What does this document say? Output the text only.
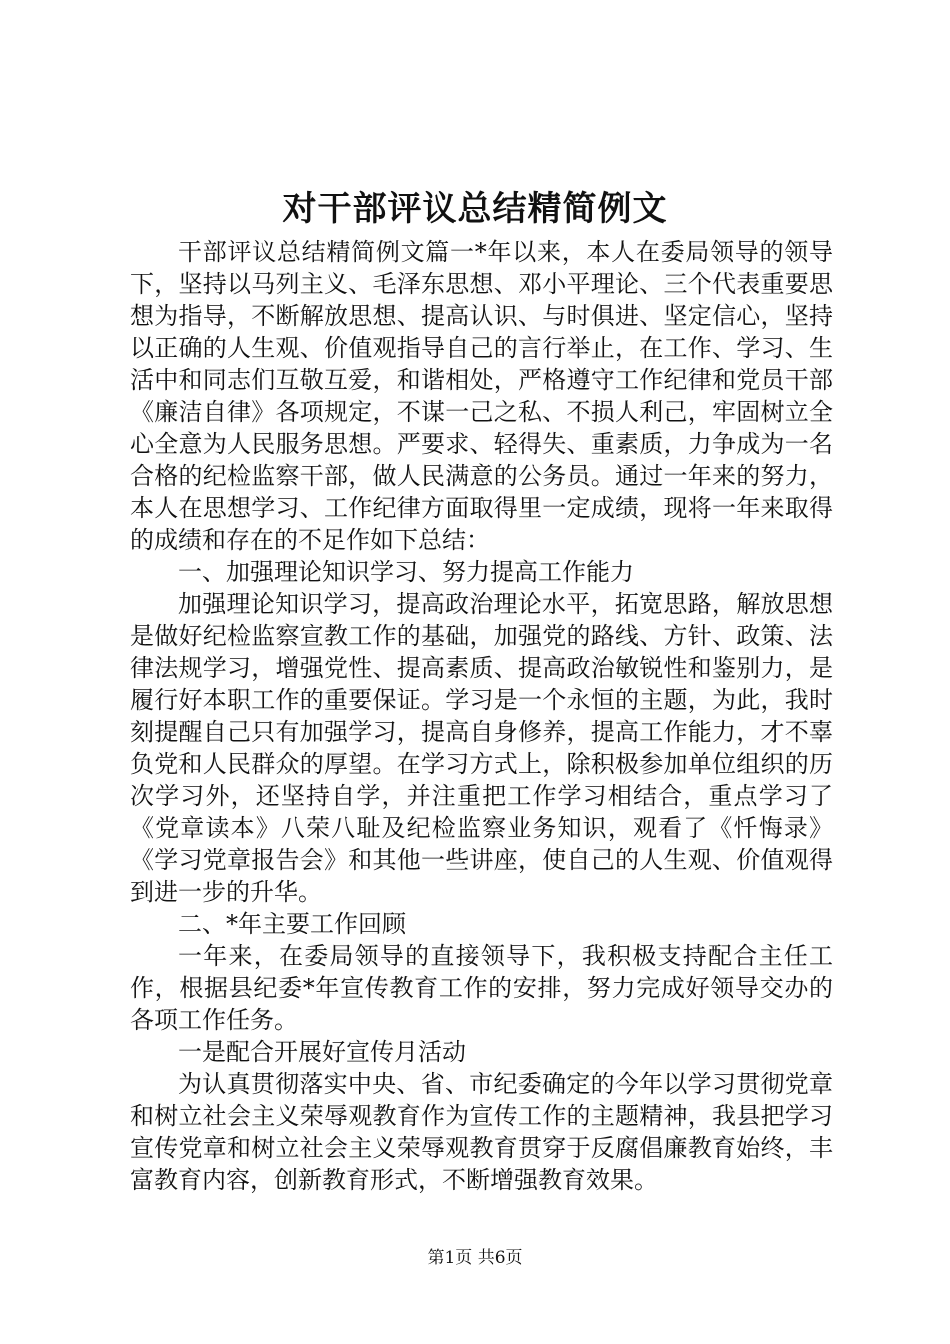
对干部评议总结精简例文

干部评议总结精简例文篇一*年以来，本人在委局领导的领导下，坚持以马列主义、毛泽东思想、邓小平理论、三个代表重要思想为指导，不断解放思想、提高认识、与时俱进、坚定信心，坚持以正确的人生观、价值观指导自己的言行举止，在工作、学习、生活中和同志们互敬互爱，和谐相处，严格遵守工作纪律和党员干部《廉洁自律》各项规定，不谋一己之私、不损人利己，牢固树立全心全意为人民服务思想。严要求、轻得失、重素质，力争成为一名合格的纪检监察干部，做人民满意的公务员。通过一年来的努力，本人在思想学习、工作纪律方面取得里一定成绩，现将一年来取得的成绩和存在的不足作如下总结：

一、加强理论知识学习、努力提高工作能力

加强理论知识学习，提高政治理论水平，拓宽思路，解放思想是做好纪检监察宣教工作的基础，加强党的路线、方针、政策、法律法规学习，增强党性、提高素质、提高政治敏锐性和鉴别力，是履行好本职工作的重要保证。学习是一个永恒的主题，为此，我时刻提醒自己只有加强学习，提高自身修养，提高工作能力，才不辜负党和人民群众的厚望。在学习方式上，除积极参加单位组织的历次学习外，还坚持自学，并注重把工作学习相结合，重点学习了《党章读本》八荣八耻及纪检监察业务知识，观看了《忏悔录》《学习党章报告会》和其他一些讲座，使自己的人生观、价值观得到进一步的升华。

二、*年主要工作回顾

一年来，在委局领导的直接领导下，我积极支持配合主任工作，根据县纪委*年宣传教育工作的安排，努力完成好领导交办的各项工作任务。

一是配合开展好宣传月活动

为认真贯彻落实中央、省、市纪委确定的今年以学习贯彻党章和树立社会主义荣辱观教育作为宣传工作的主题精神，我县把学习宣传党章和树立社会主义荣辱观教育贯穿于反腐倡廉教育始终，丰富教育内容，创新教育形式，不断增强教育效果。

第1页 共6页
